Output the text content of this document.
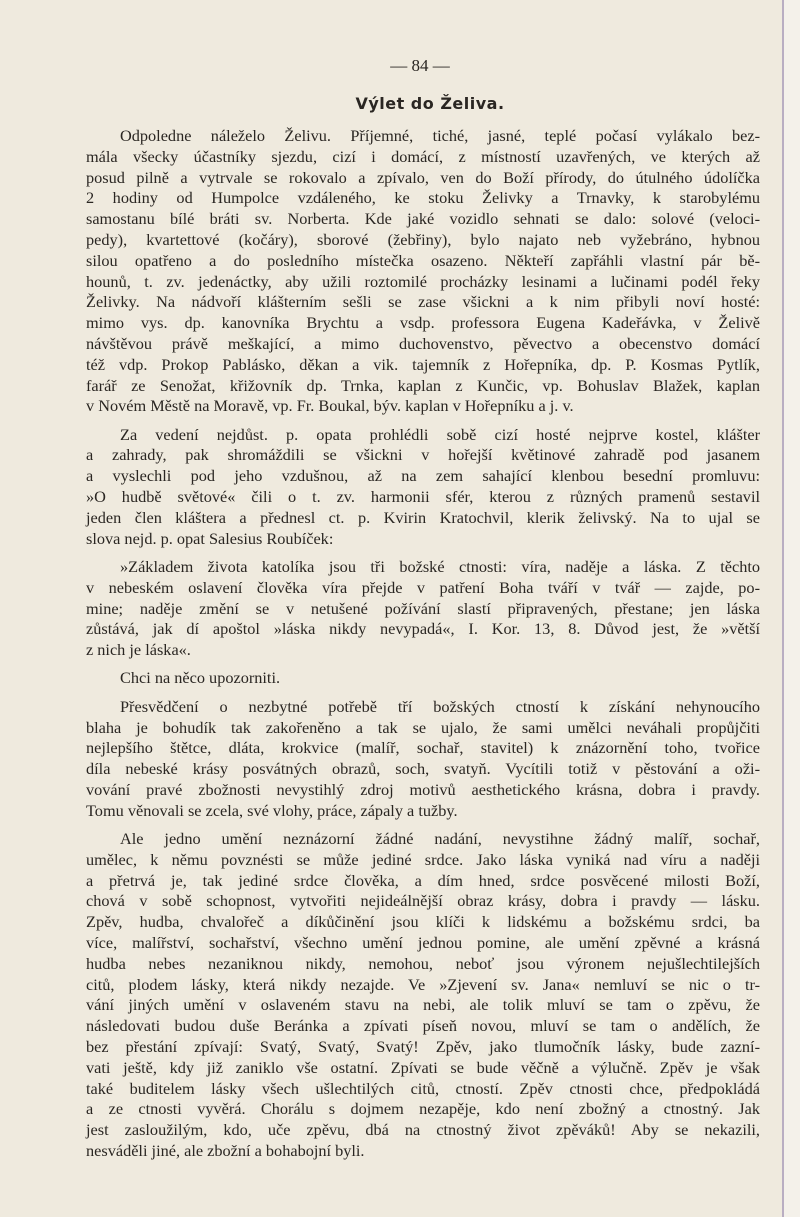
— 84 —
Výlet do Želiva.
Odpoledne náleželo Želivu. Příjemné, tiché, jasné, teplé počasí vylákalo bez-
mála všecky účastníky sjezdu, cizí i domácí, z místností uzavřených, ve kterých až
posud pilně a vytrvale se rokovalo a zpívalo, ven do Boží přírody, do útulného údolíčka
2 hodiny od Humpolce vzdáleného, ke stoku Želivky a Trnavky, k starobylému
samostanu bílé bráti sv. Norberta. Kde jaké vozidlo sehnati se dalo: solové (veloci-
pedy), kvartettové (kočáry), sborové (žebřiny), bylo najato neb vyžebráno, hybnou
silou opatřeno a do posledního místečka osazeno. Někteří zapřáhli vlastní pár bě-
hounů, t. zv. jedenáctky, aby užili roztomilé procházky lesinami a lučinami podél řeky
Želivky. Na nádvoří klášterním sešli se zase všickni a k nim přibyli noví hosté:
mimo vys. dp. kanovníka Brychtu a vsdp. professora Eugena Kadeřávka, v Želivě
návštěvou právě meškající, a mimo duchovenstvo, pěvectvo a obecenstvo domácí
též vdp. Prokop Pablásko, děkan a vik. tajemník z Hořepníka, dp. P. Kosmas Pytlík,
farář ze Senožat, křižovník dp. Trnka, kaplan z Kunčic, vp. Bohuslav Blažek, kaplan
v Novém Městě na Moravě, vp. Fr. Boukal, býv. kaplan v Hořepníku a j. v.
Za vedení nejdůst. p. opata prohlédli sobě cizí hosté nejprve kostel, klášter
a zahrady, pak shromáždili se všickni v hořejší květinové zahradě pod jasanem
a vyslechli pod jeho vzdušnou, až na zem sahající klenbou besední promluvu:
»O hudbě světové« čili o t. zv. harmonii sfér, kterou z různých pramenů sestavil
jeden člen kláštera a přednesl ct. p. Kvirin Kratochvil, klerik želivský. Na to ujal se
slova nejd. p. opat Salesius Roubíček:
»Základem života katolíka jsou tři božské ctnosti: víra, naděje a láska. Z těchto
v nebeském oslavení člověka víra přejde v patření Boha tváří v tvář — zajde, po-
mine; naděje změní se v netušené požívání slastí připravených, přestane; jen láska
zůstává, jak dí apoštol »láska nikdy nevypadá«, I. Kor. 13, 8. Důvod jest, že »větší
z nich je láska«.
Chci na něco upozorniti.
Přesvědčení o nezbytné potřebě tří božských ctností k získání nehynoucího
blaha je bohudík tak zakořeněno a tak se ujalo, že sami umělci neváhali propůjčiti
nejlepšího štětce, dláta, krokvice (malíř, sochař, stavitel) k znázornění toho, tvořice
díla nebeské krásy posvátných obrazů, soch, svatyň. Vycítili totiž v pěstování a oži-
vování pravé zbožnosti nevystihlý zdroj motivů aesthetického krásna, dobra i pravdy.
Tomu věnovali se zcela, své vlohy, práce, zápaly a tužby.
Ale jedno umění neznázorní žádné nadání, nevystihne žádný malíř, sochař,
umělec, k němu povznésti se může jediné srdce. Jako láska vyniká nad víru a naději
a přetrvá je, tak jediné srdce člověka, a dím hned, srdce posvěcené milosti Boží,
chová v sobě schopnost, vytvořiti nejideálnější obraz krásy, dobra i pravdy — lásku.
Zpěv, hudba, chvalořeč a díkůčinění jsou klíči k lidskému a božskému srdci, ba
více, malířství, sochařství, všechno umění jednou pomine, ale umění zpěvné a krásná
hudba nebes nezaniknou nikdy, nemohou, neboť jsou výronem nejušlechtilejších
citů, plodem lásky, která nikdy nezajde. Ve »Zjevení sv. Jana« nemluví se nic o tr-
vání jiných umění v oslaveném stavu na nebi, ale tolik mluví se tam o zpěvu, že
následovati budou duše Beránka a zpívati píseň novou, mluví se tam o andělích, že
bez přestání zpívají: Svatý, Svatý, Svatý! Zpěv, jako tlumočník lásky, bude zazní-
vati ještě, kdy již zaniklo vše ostatní. Zpívati se bude věčně a výlučně. Zpěv je však
také buditelem lásky všech ušlechtilých citů, ctností. Zpěv ctnosti chce, předpokládá
a ze ctnosti vyvěrá. Chorálu s dojmem nezapěje, kdo není zbožný a ctnostný. Jak
jest zasloužilým, kdo, uče zpěvu, dbá na ctnostný život zpěváků! Aby se nekazili,
nesváděli jiné, ale zbožní a bohabojní byli.
